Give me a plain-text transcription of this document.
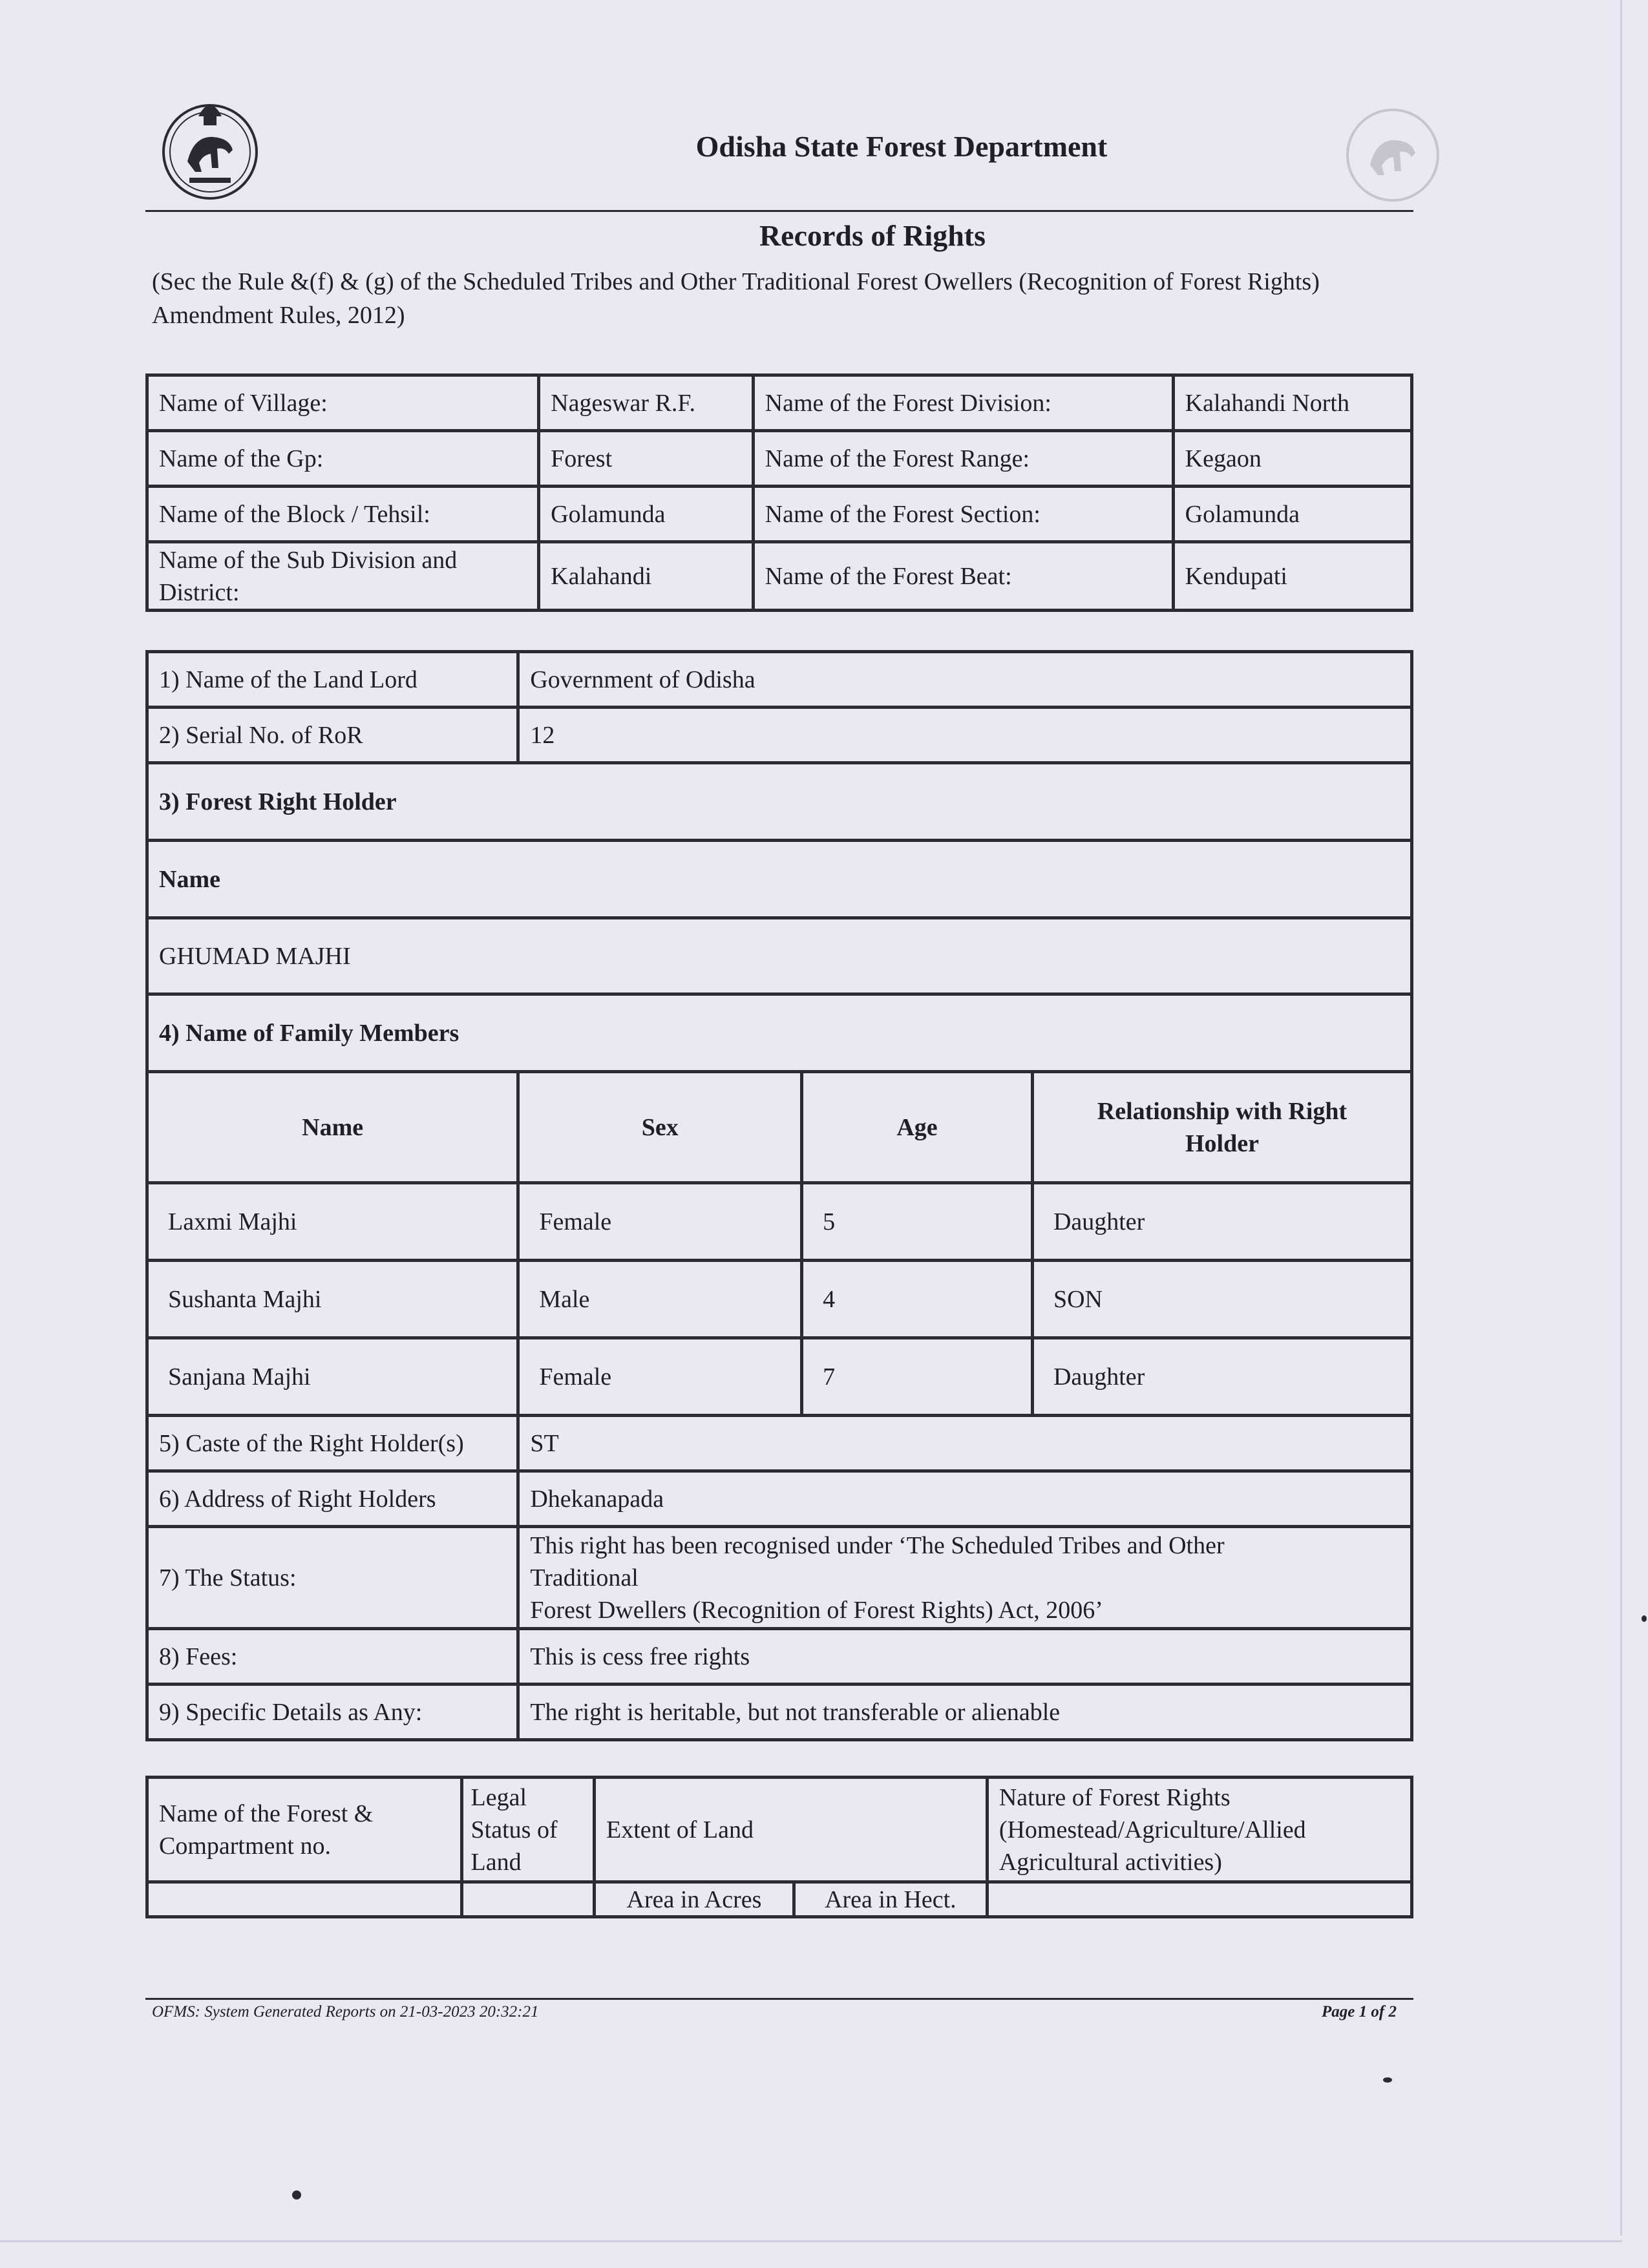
Odisha State Forest Department
Records of Rights
(Sec the Rule &(f) & (g) of the Scheduled Tribes and Other Traditional Forest Owellers (Recognition of Forest Rights) Amendment Rules, 2012)
Name of Village:	Nageswar R.F.	Name of the Forest Division:	Kalahandi North
Name of the Gp:	Forest	Name of the Forest Range:	Kegaon
Name of the Block / Tehsil:	Golamunda	Name of the Forest Section:	Golamunda
Name of the Sub Division and District:	Kalahandi	Name of the Forest Beat:	Kendupati
1) Name of the Land Lord	Government of Odisha		
2) Serial No. of RoR	12		
3) Forest Right Holder			
Name			
GHUMAD MAJHI			
4) Name of Family Members			
Name	Sex	Age	Relationship with Right Holder
Laxmi Majhi	Female	5	Daughter
Sushanta Majhi	Male	4	SON
Sanjana Majhi	Female	7	Daughter
5) Caste of the Right Holder(s)	ST		
6) Address of Right Holders	Dhekanapada		
7) The Status:	This right has been recognised under ‘The Scheduled Tribes and Other
Traditional
Forest Dwellers (Recognition of Forest Rights) Act, 2006’		

8) Fees:	This is cess free rights		
9) Specific Details as Any:	The right is heritable, but not transferable or alienable		
Name of the Forest & Compartment no.	Legal Status of Land	Extent of Land		Nature of Forest Rights (Homestead/Agriculture/Allied Agricultural activities)
		Area in Acres	Area in Hect.	
OFMS: System Generated Reports on 21-03-2023 20:32:21	Page 1 of 2
